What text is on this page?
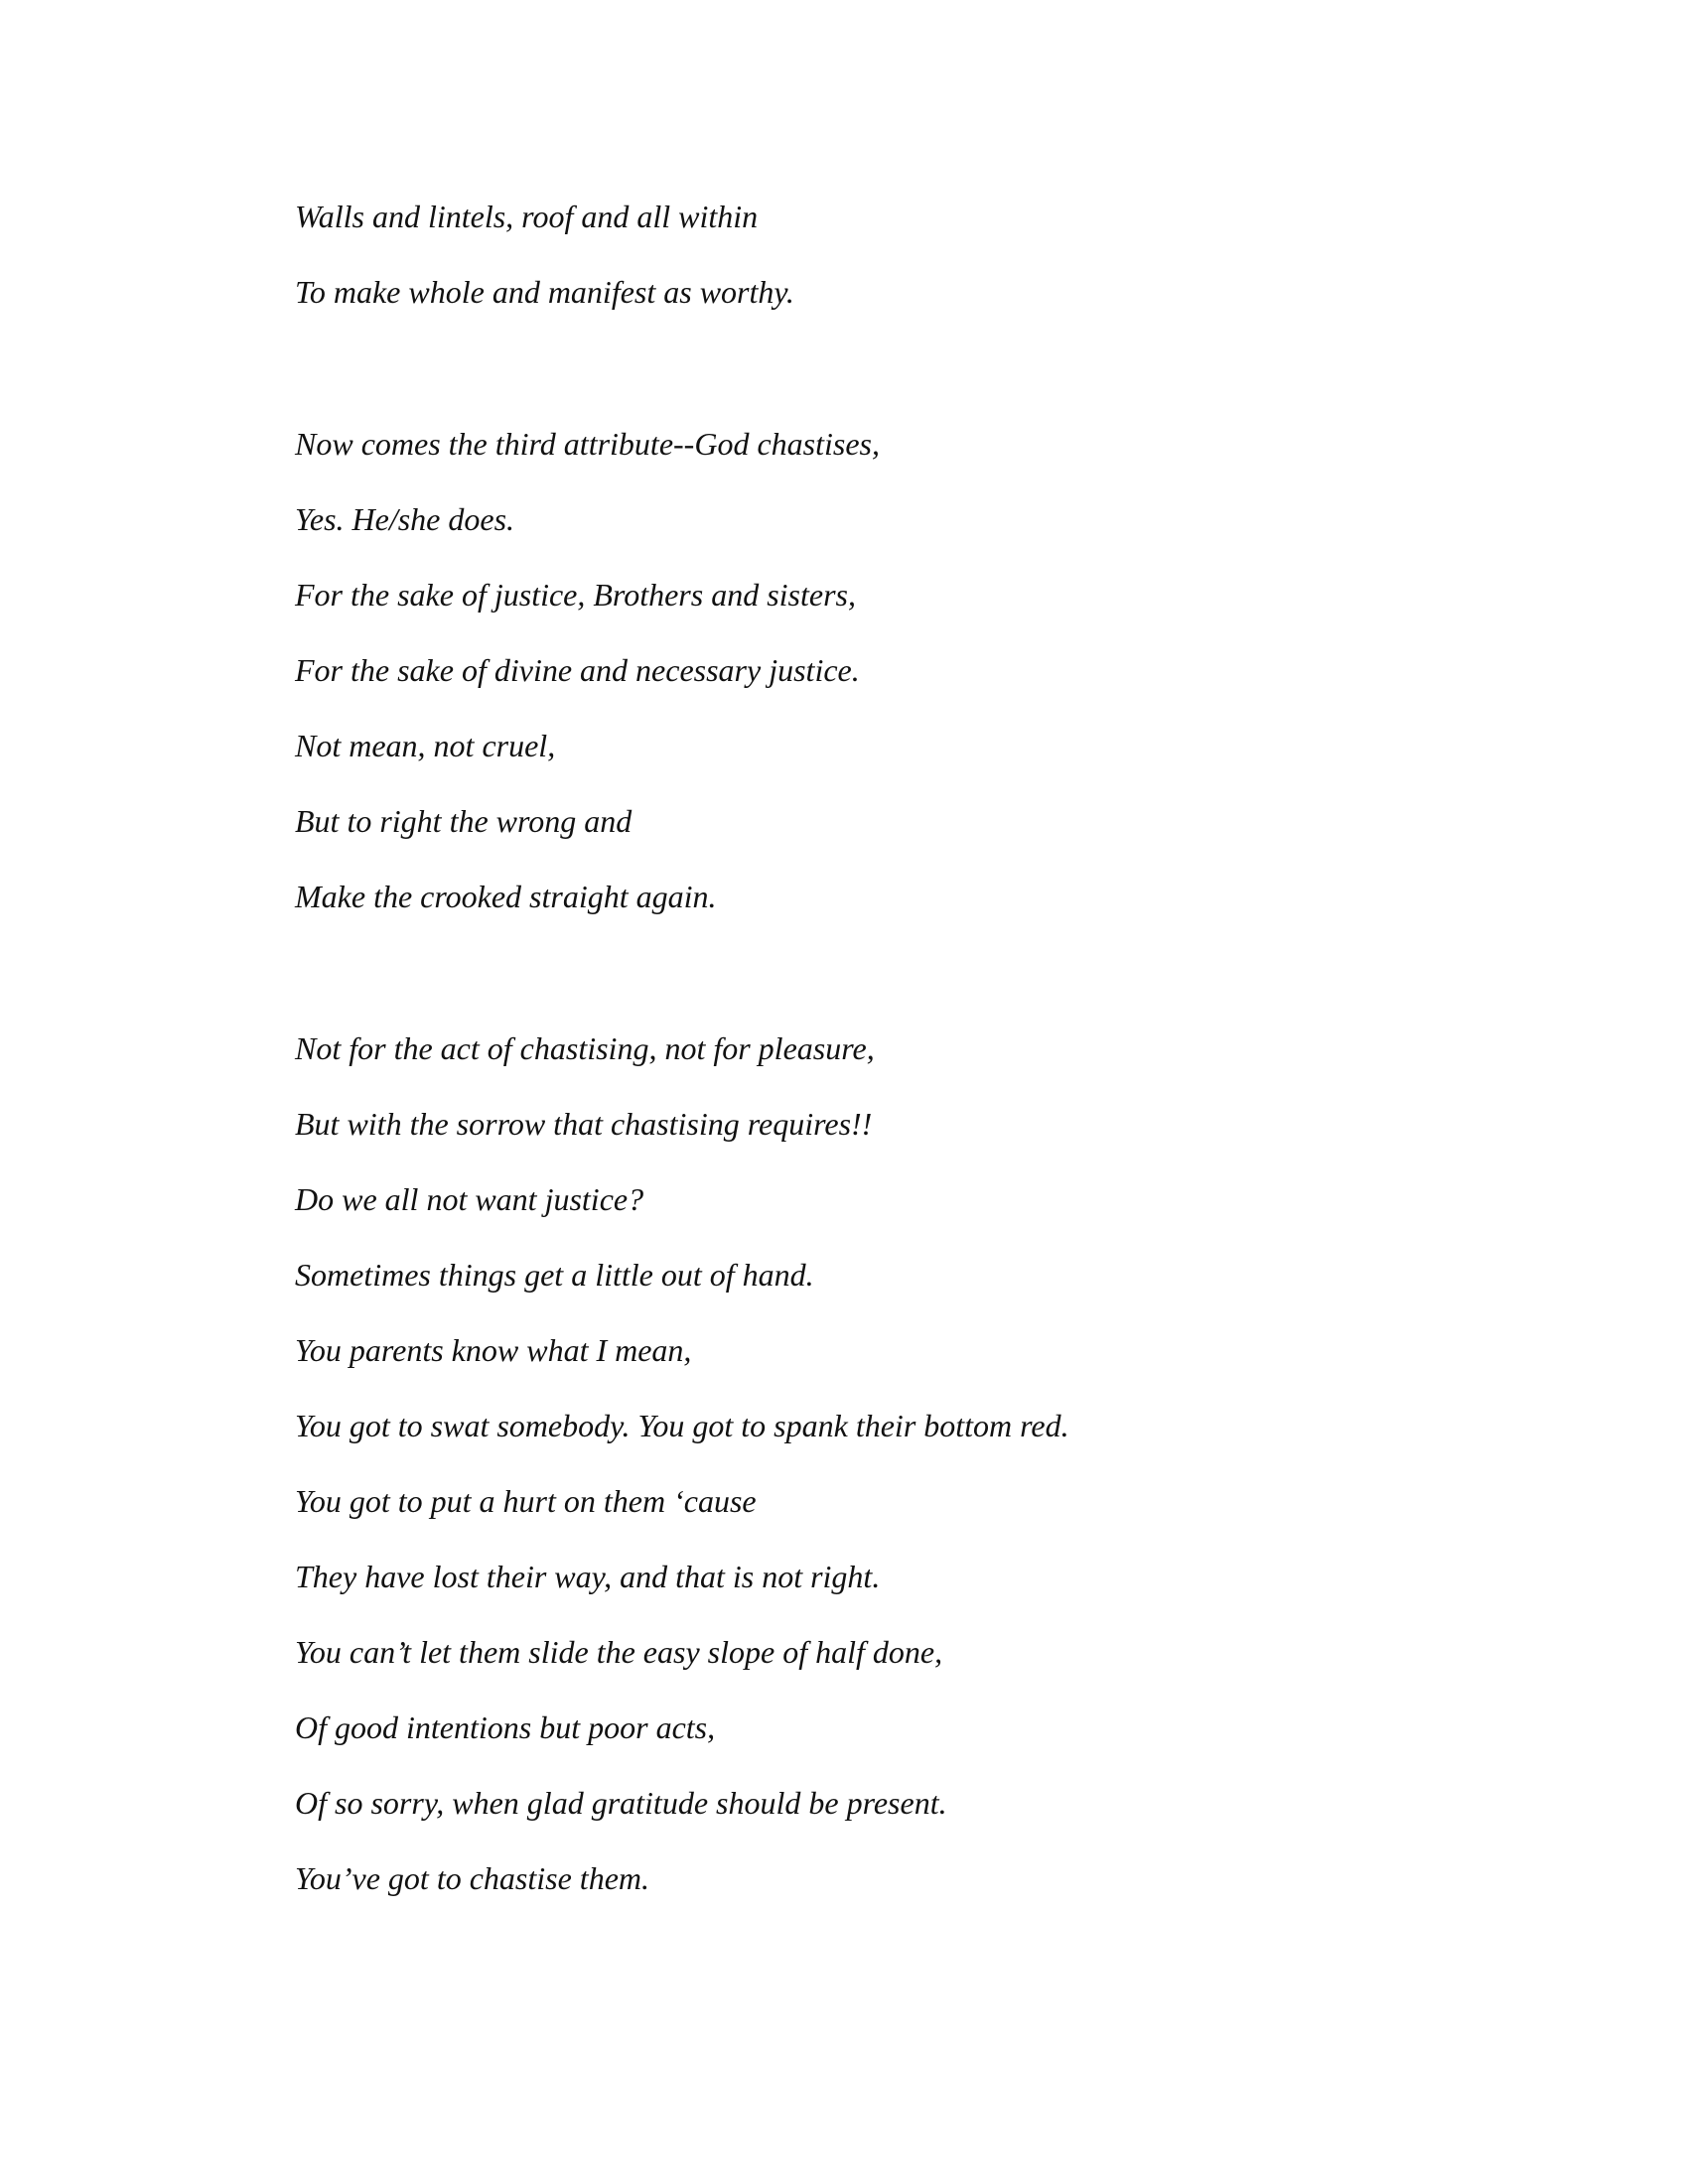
Walls and lintels, roof and all within

To make whole and manifest as worthy.

Now comes the third attribute--God chastises,

Yes. He/she does.

For the sake of justice, Brothers and sisters,

For the sake of divine and necessary justice.

Not mean, not cruel,

But to right the wrong and

Make the crooked straight again.

Not for the act of chastising, not for pleasure,

But with the sorrow that chastising requires!!

Do we all not want justice?

Sometimes things get a little out of hand.

You parents know what I mean,

You got to swat somebody. You got to spank their bottom red.

You got to put a hurt on them ‘cause

They have lost their way, and that is not right.

You can’t let them slide the easy slope of half done,

Of good intentions but poor acts,

Of so sorry, when glad gratitude should be present.

You’ve got to chastise them.
